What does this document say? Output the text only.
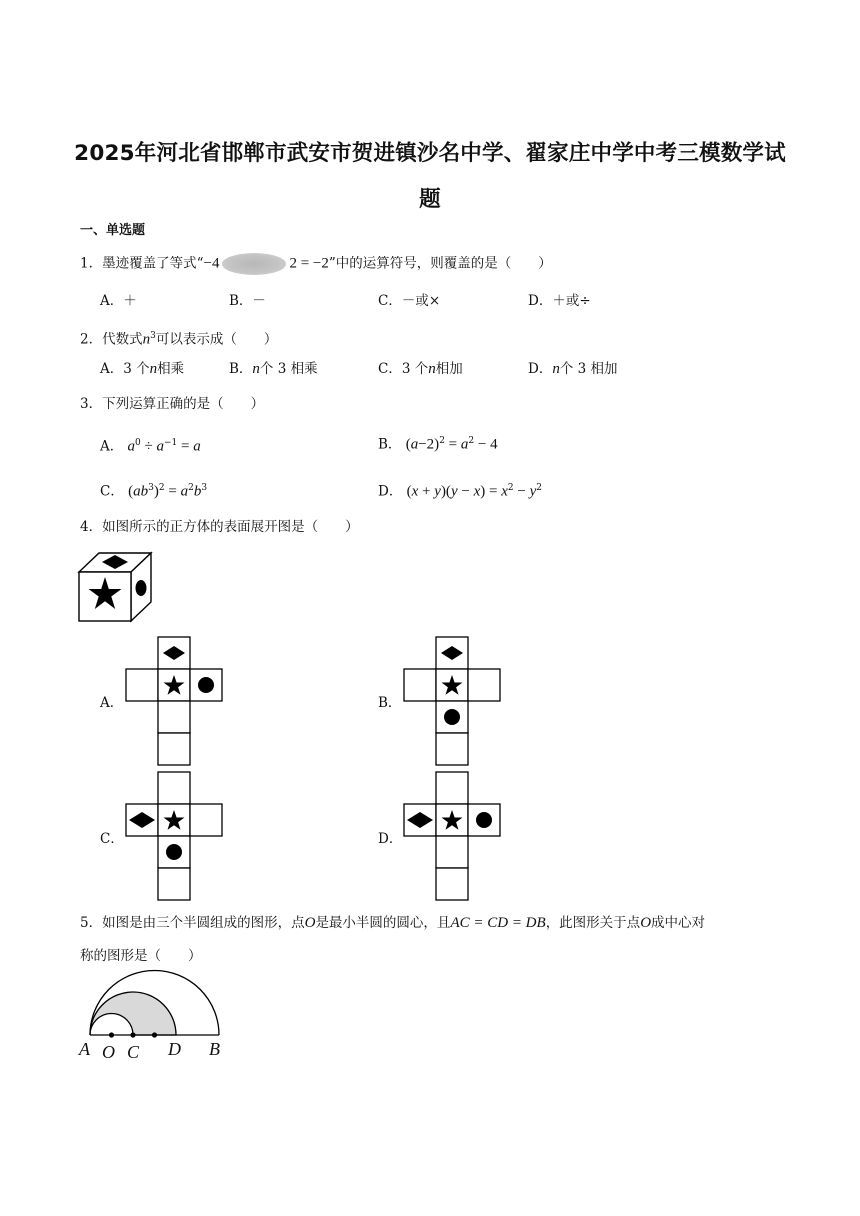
2025年河北省邯郸市武安市贺进镇沙名中学、翟家庄中学中考三模数学试
题
一、单选题
1．墨迹覆盖了等式“−4	2 = −2”中的运算符号，则覆盖的是（　　）
A．＋	B．－	C．－或×	D．＋或÷
2．代数式$n^3$可以表示成（　　）
A．3 个n相乘	B．n个 3 相乘	C．3 个n相加	D．n个 3 相加
3．下列运算正确的是（　　）
A． $a^0 \div a^{-1} = a$	B． $(a-2)^2 = a^2 - 4$
C． $(ab^3)^2 = a^2b^3$	D． $(x + y)(y - x) = x^2 - y^2$
4．如图所示的正方体的表面展开图是（　　）
A．	B．
C．	D．
5．如图是由三个半圆组成的图形，点O是最小半圆的圆心，且AC = CD = DB，此图形关于点O成中心对
称的图形是（　　）
A O C D B
